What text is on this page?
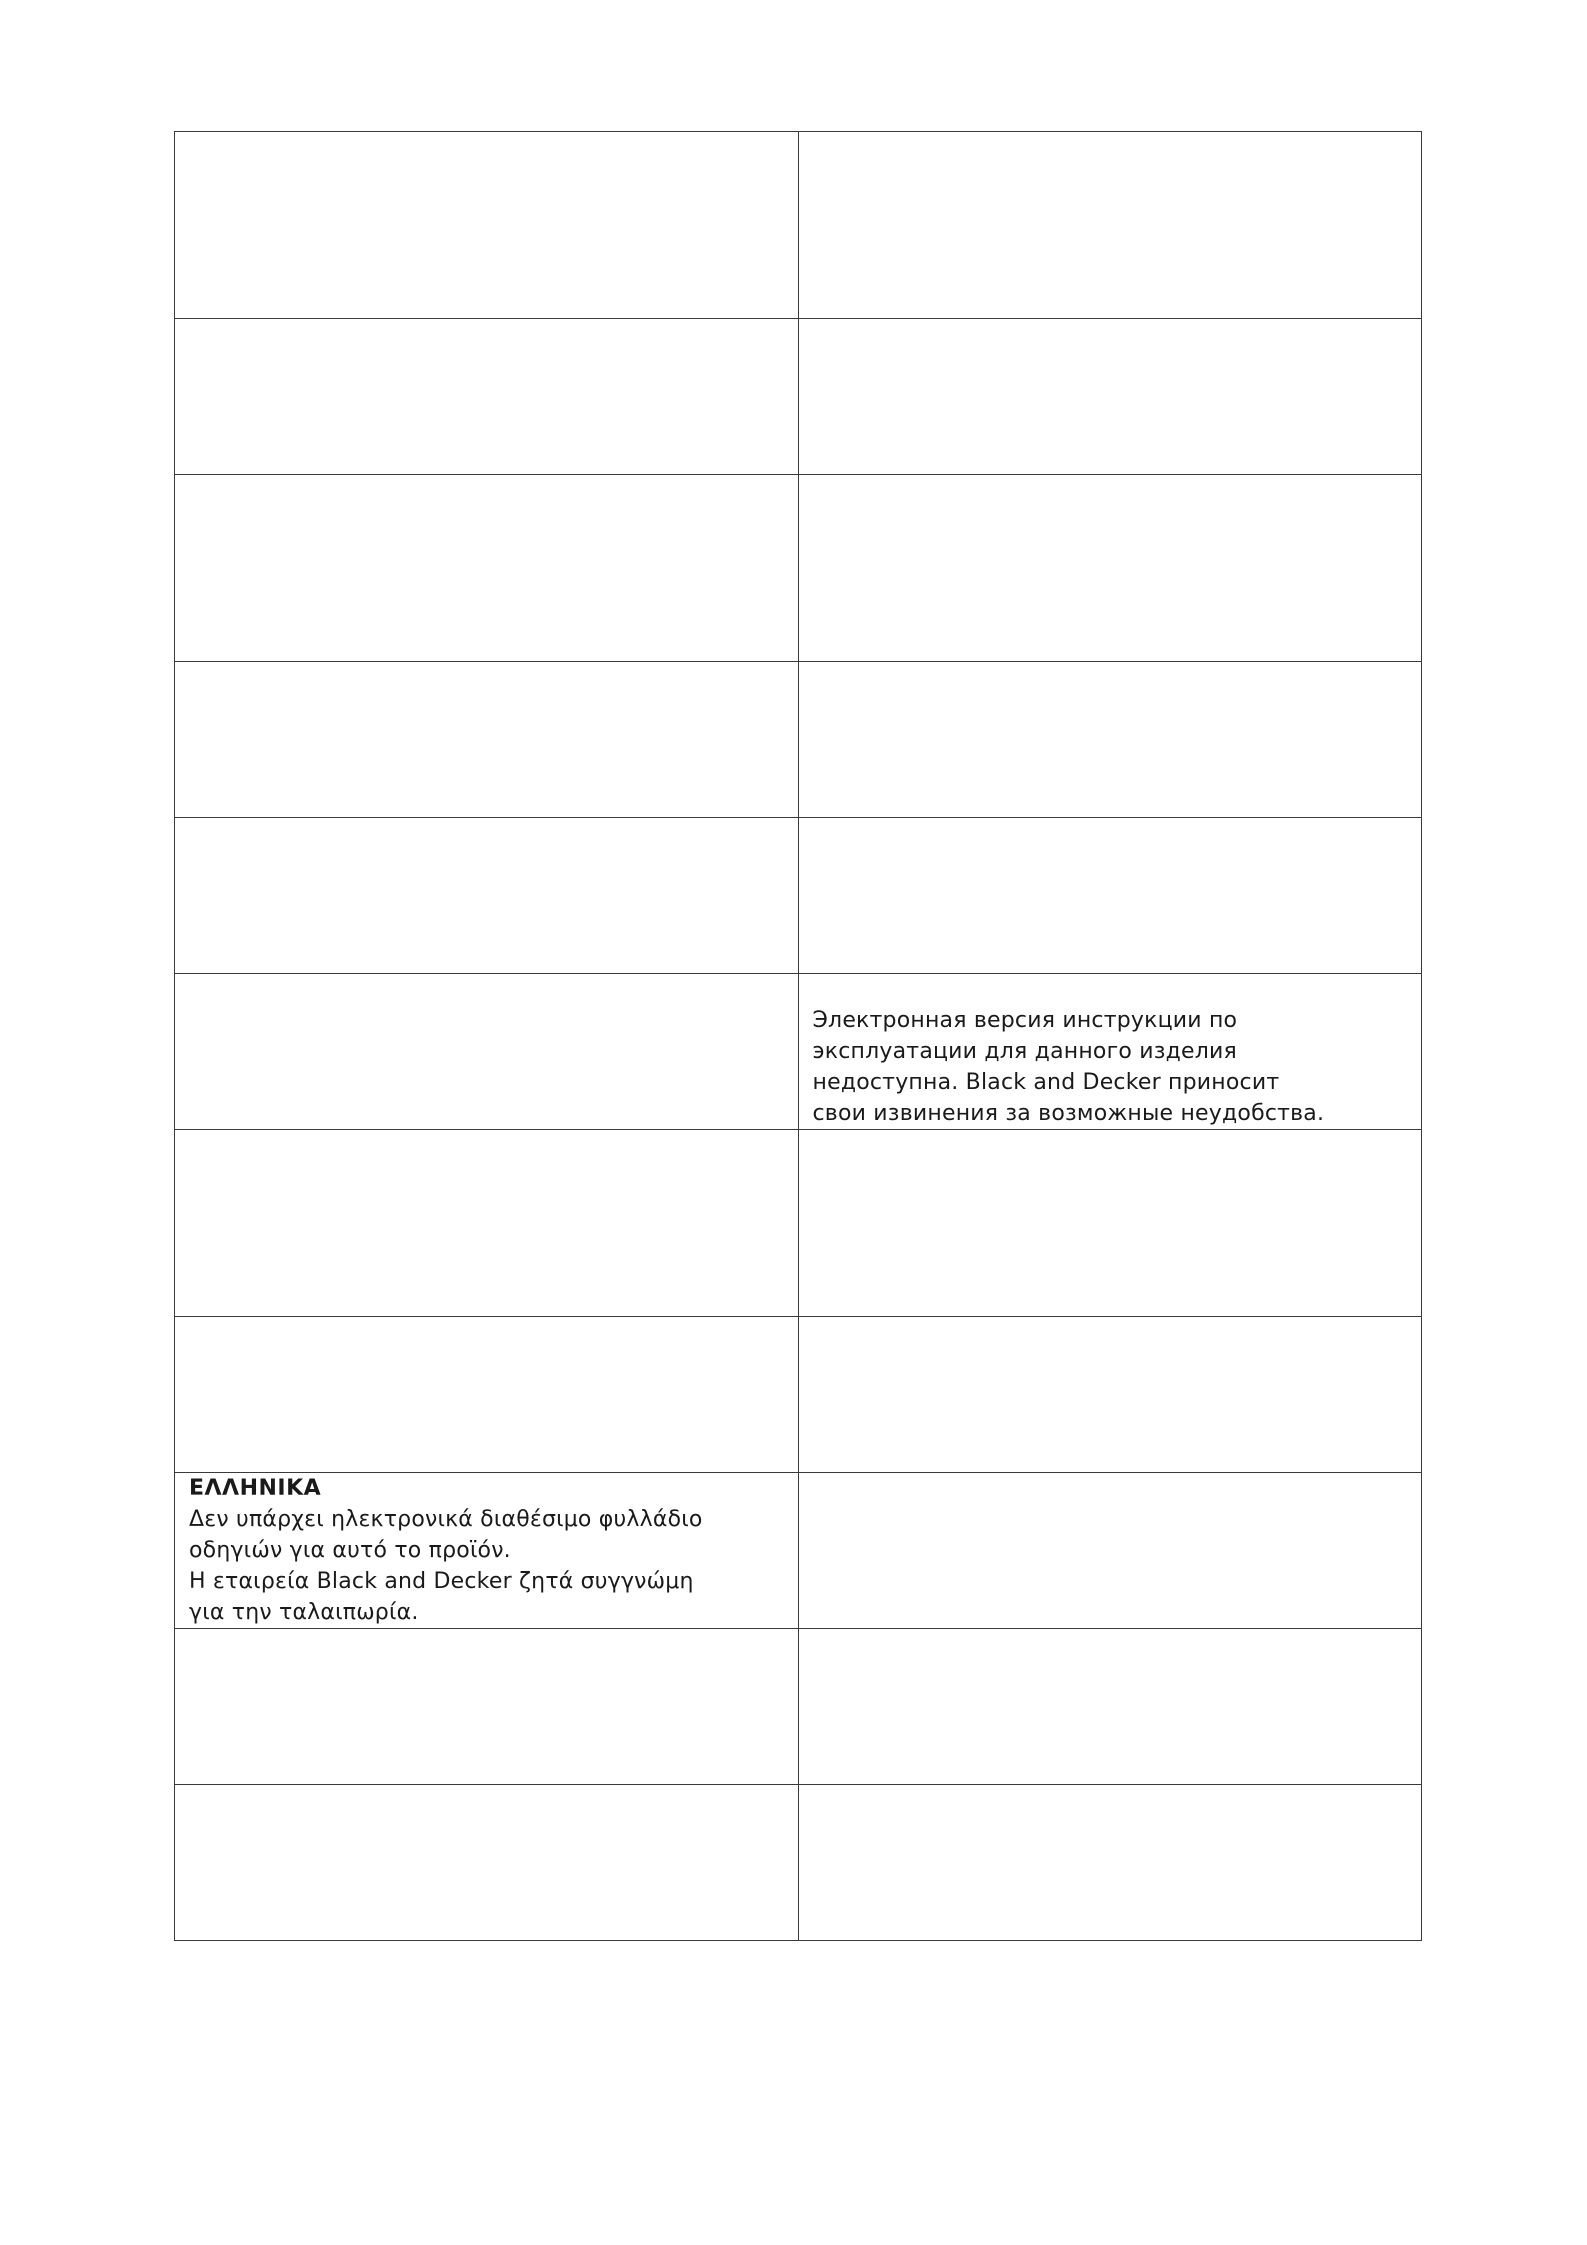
	Электронная версия инструкции по
эксплуатации для данного изделия
недоступна. Black and Decker приносит
свои извинения за возможные неудобства.

ΕΛΛΗΝΙΚΑ
Δεν υπάρχει ηλεκτρονικά διαθέσιμο φυλλάδιο
οδηγιών για αυτό το προϊόν.
Η εταιρεία Black and Decker ζητά συγγνώμη
για την ταλαιπωρία.	
